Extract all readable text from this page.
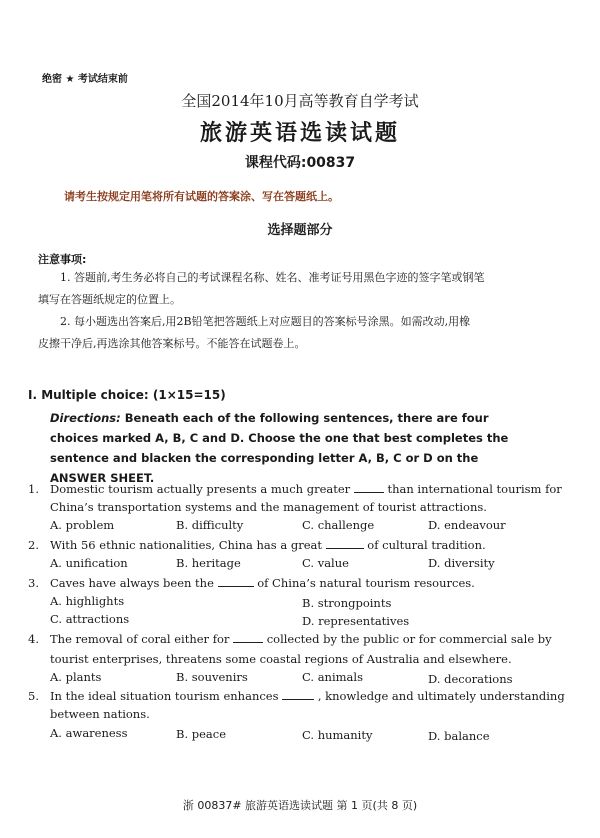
绝密 ★ 考试结束前
全国2014年10月高等教育自学考试
旅游英语选读试题
课程代码:00837
请考生按规定用笔将所有试题的答案涂、写在答题纸上。
选择题部分
注意事项:
1. 答题前,考生务必将自己的考试课程名称、姓名、准考证号用黑色字迹的签字笔或钢笔
填写在答题纸规定的位置上。
2. 每小题选出答案后,用2B铅笔把答题纸上对应题目的答案标号涂黑。如需改动,用橡
皮擦干净后,再选涂其他答案标号。不能答在试题卷上。
Ⅰ. Multiple choice: (1×15=15)
Directions: Beneath each of the following sentences, there are four choices marked A, B, C and D. Choose the one that best completes the sentence and blacken the corresponding letter A, B, C or D on the ANSWER SHEET.
1. Domestic tourism actually presents a much greater	than international tourism for
China’s transportation systems and the management of tourist attractions.
A. problem	B. difficulty	C. challenge	D. endeavour
2. With 56 ethnic nationalities, China has a great	of cultural tradition.
A. unification	B. heritage	C. value	D. diversity
3. Caves have always been the	of China’s natural tourism resources.
A. highlights	B. strongpoints
C. attractions	D. representatives
4. The removal of coral either for	collected by the public or for commercial sale by
tourist enterprises, threatens some coastal regions of Australia and elsewhere.
A. plants	B. souvenirs	C. animals	D. decorations
5. In the ideal situation tourism enhances	, knowledge and ultimately understanding
between nations.
A. awareness	B. peace	C. humanity	D. balance
浙 00837# 旅游英语选读试题 第 1 页(共 8 页)
